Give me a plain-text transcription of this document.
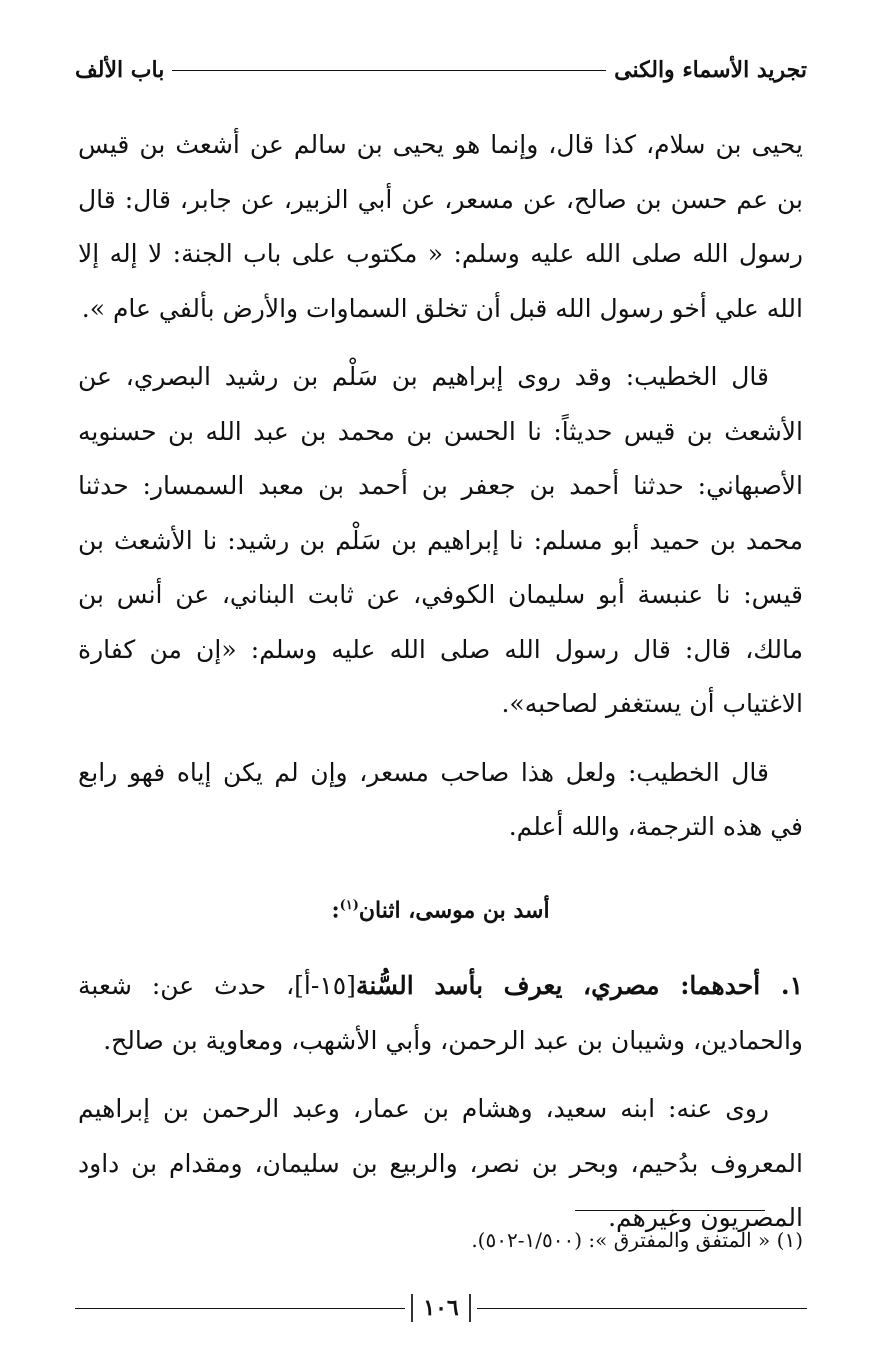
تجريد الأسماء والكنى
باب الألف

يحيى بن سلام، كذا قال، وإنما هو يحيى بن سالم عن أشعث بن قيس بن عم حسن بن صالح، عن مسعر، عن أبي الزبير، عن جابر، قال: قال رسول الله صلى الله عليه وسلم: « مكتوب على باب الجنة: لا إله إلا الله علي أخو رسول الله قبل أن تخلق السماوات والأرض بألفي عام ».

قال الخطيب: وقد روى إبراهيم بن سَلْم بن رشيد البصري، عن الأشعث بن قيس حديثاً: نا الحسن بن محمد بن عبد الله بن حسنويه الأصبهاني: حدثنا أحمد بن جعفر بن أحمد بن معبد السمسار: حدثنا محمد بن حميد أبو مسلم: نا إبراهيم بن سَلْم بن رشيد: نا الأشعث بن قيس: نا عنبسة أبو سليمان الكوفي، عن ثابت البناني، عن أنس بن مالك، قال: قال رسول الله صلى الله عليه وسلم: «إن من كفارة الاغتياب أن يستغفر لصاحبه».

قال الخطيب: ولعل هذا صاحب مسعر، وإن لم يكن إياه فهو رابع في هذه الترجمة، والله أعلم.

أسد بن موسى، اثنان$^{(١)}$:

١. أحدهما: مصري، يعرف بأسد السُّنة[١٥-أ]، حدث عن: شعبة والحمادين، وشيبان بن عبد الرحمن، وأبي الأشهب، ومعاوية بن صالح.

روى عنه: ابنه سعيد، وهشام بن عمار، وعبد الرحمن بن إبراهيم المعروف بدُحيم، وبحر بن نصر، والربيع بن سليمان، ومقدام بن داود المصريون وغيرهم.

(١) « المتفق والمفترق »: (١/٥٠٠-٥٠٢).
١٠٦
